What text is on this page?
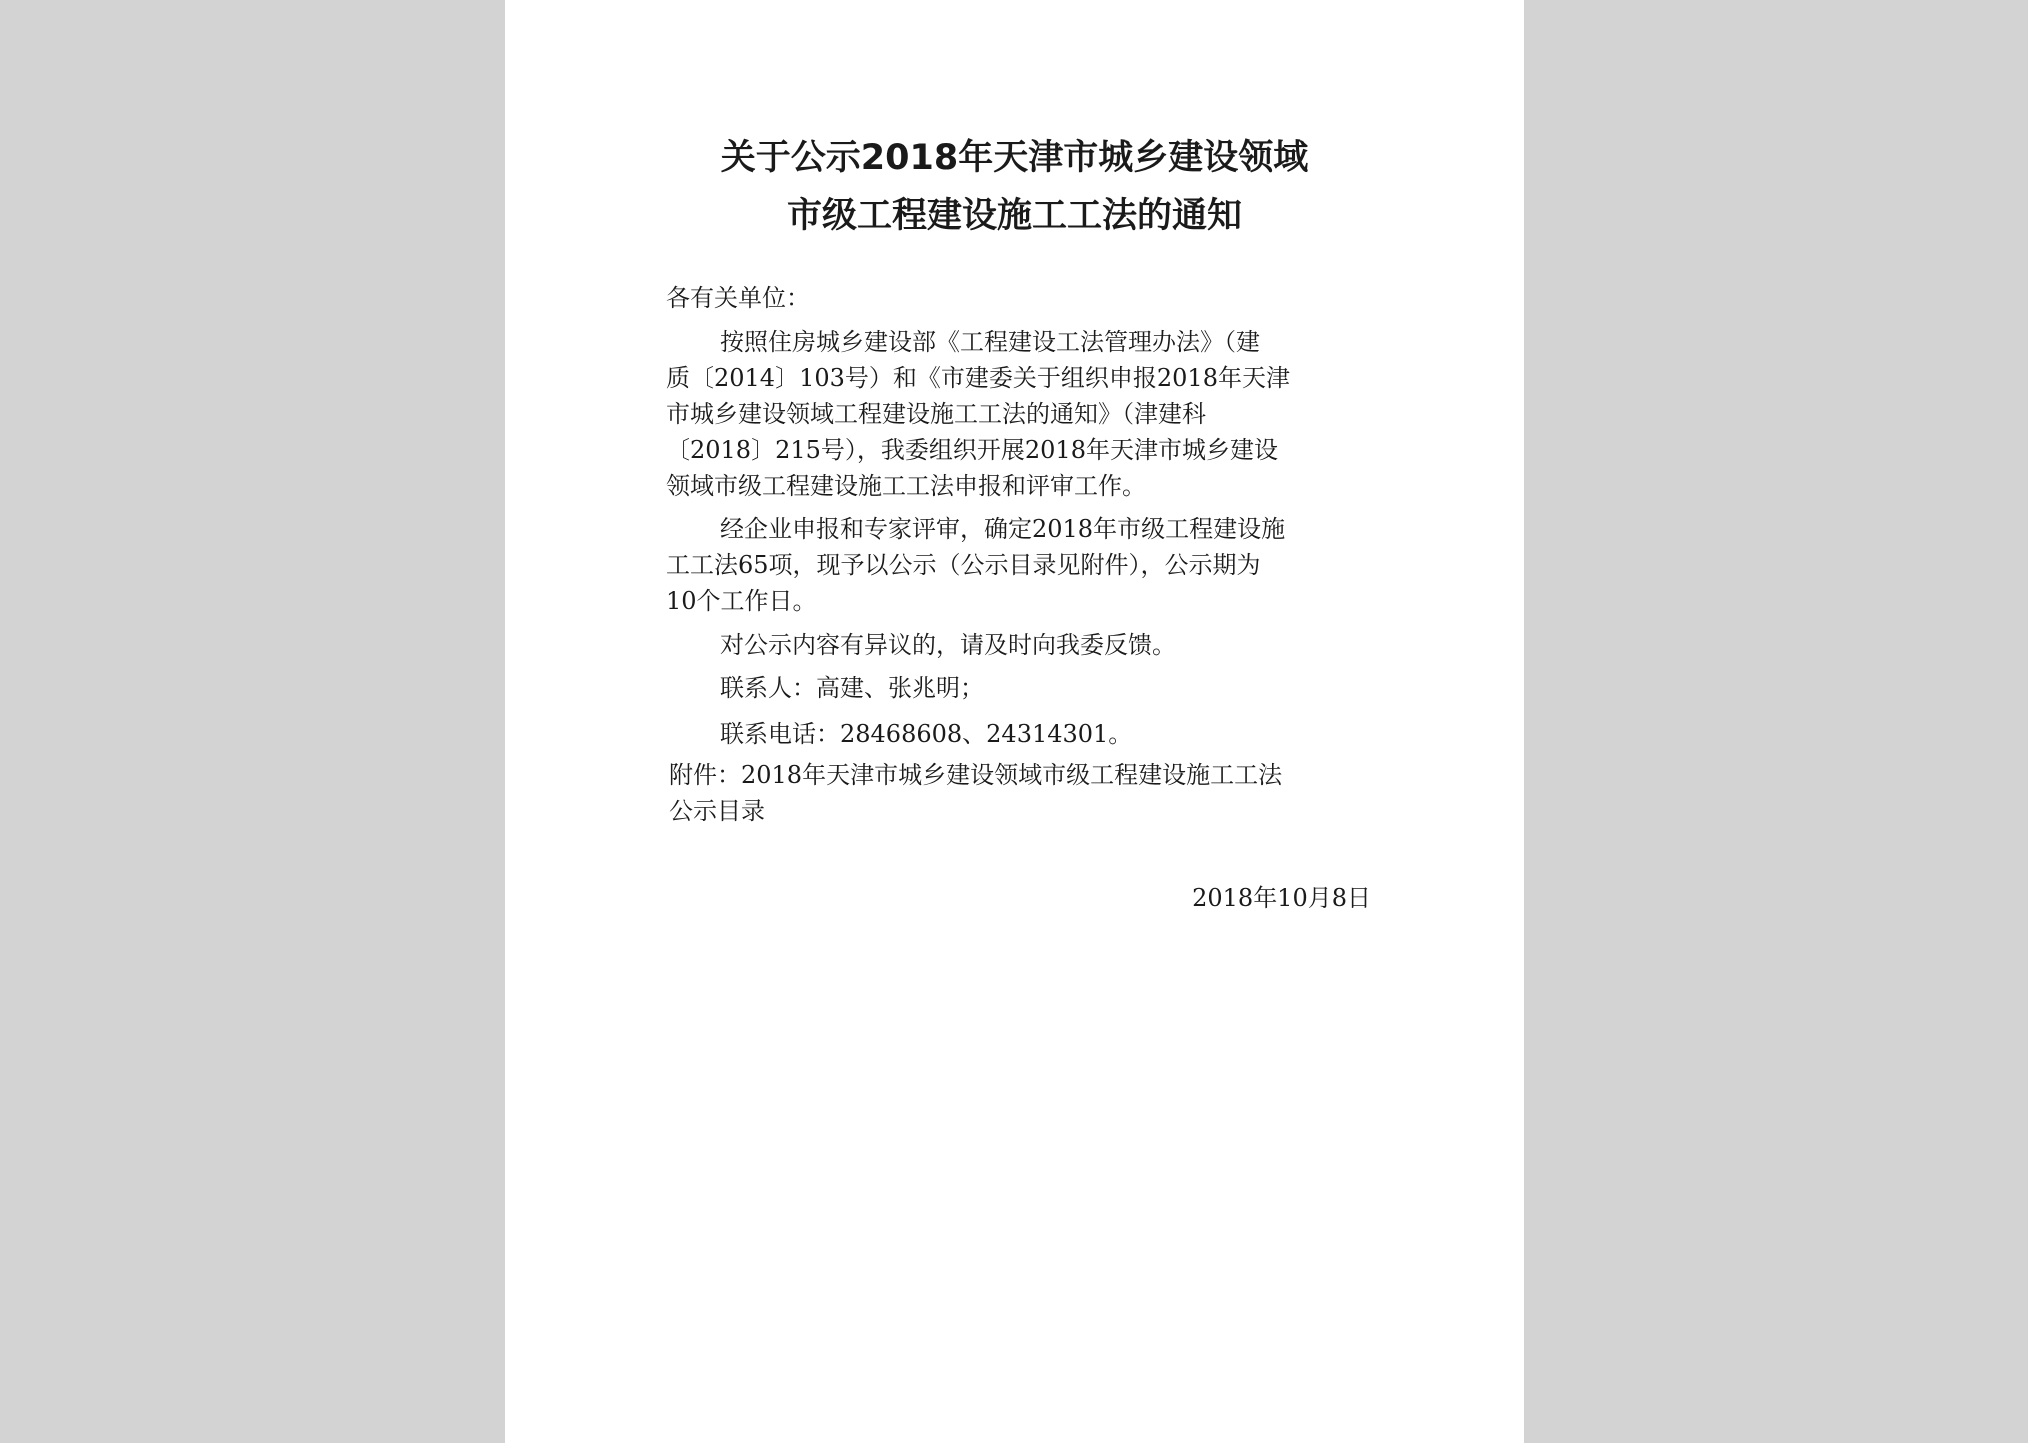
关于公示2018年天津市城乡建设领域
市级工程建设施工工法的通知
各有关单位：
按照住房城乡建设部《工程建设工法管理办法》（建
质〔2014〕103号）和《市建委关于组织申报2018年天津
市城乡建设领域工程建设施工工法的通知》（津建科
〔2018〕215号），我委组织开展2018年天津市城乡建设
领域市级工程建设施工工法申报和评审工作。
经企业申报和专家评审，确定2018年市级工程建设施
工工法65项，现予以公示（公示目录见附件），公示期为
10个工作日。
对公示内容有异议的，请及时向我委反馈。
联系人：高建、张兆明；
联系电话：28468608、24314301。
附件：2018年天津市城乡建设领域市级工程建设施工工法
公示目录
2018年10月8日
